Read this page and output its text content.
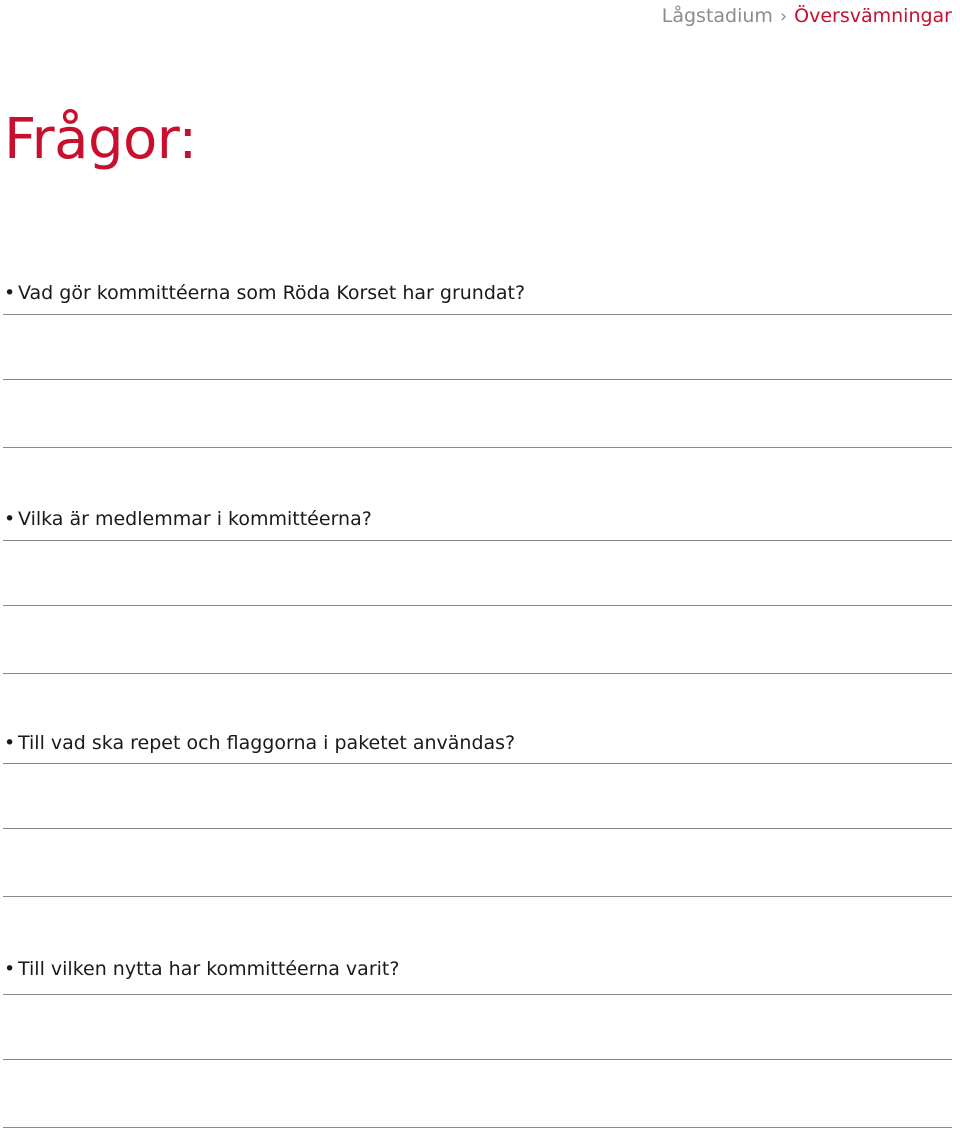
Lågstadium › Översvämningar
Frågor:
• Vad gör kommittéerna som Röda Korset har grundat?
• Vilka är medlemmar i kommittéerna?
• Till vad ska repet och flaggorna i paketet användas?
• Till vilken nytta har kommittéerna varit?
